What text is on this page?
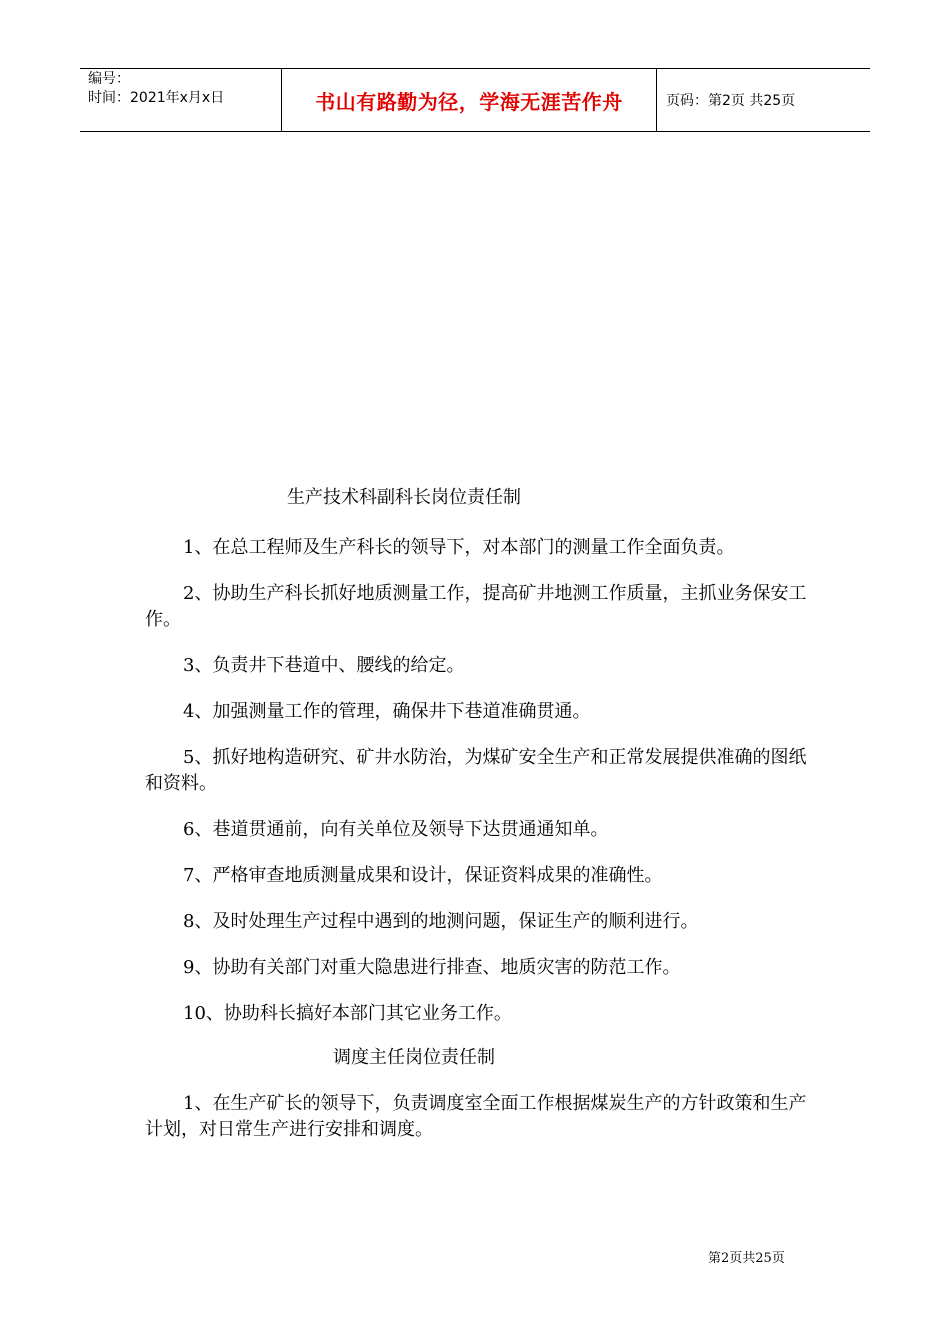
编号：
时间：2021年x月x日	书山有路勤为径，学海无涯苦作舟	页码：第2页 共25页
生产技术科副科长岗位责任制

1、在总工程师及生产科长的领导下，对本部门的测量工作全面负责。

2、协助生产科长抓好地质测量工作，提高矿井地测工作质量，主抓业务保安工作。

3、负责井下巷道中、腰线的给定。

4、加强测量工作的管理，确保井下巷道准确贯通。

5、抓好地构造研究、矿井水防治，为煤矿安全生产和正常发展提供准确的图纸和资料。

6、巷道贯通前，向有关单位及领导下达贯通通知单。

7、严格审查地质测量成果和设计，保证资料成果的准确性。

8、及时处理生产过程中遇到的地测问题，保证生产的顺利进行。

9、协助有关部门对重大隐患进行排查、地质灾害的防范工作。

10、协助科长搞好本部门其它业务工作。

调度主任岗位责任制

1、在生产矿长的领导下，负责调度室全面工作根据煤炭生产的方针政策和生产计划，对日常生产进行安排和调度。

第2页共25页
